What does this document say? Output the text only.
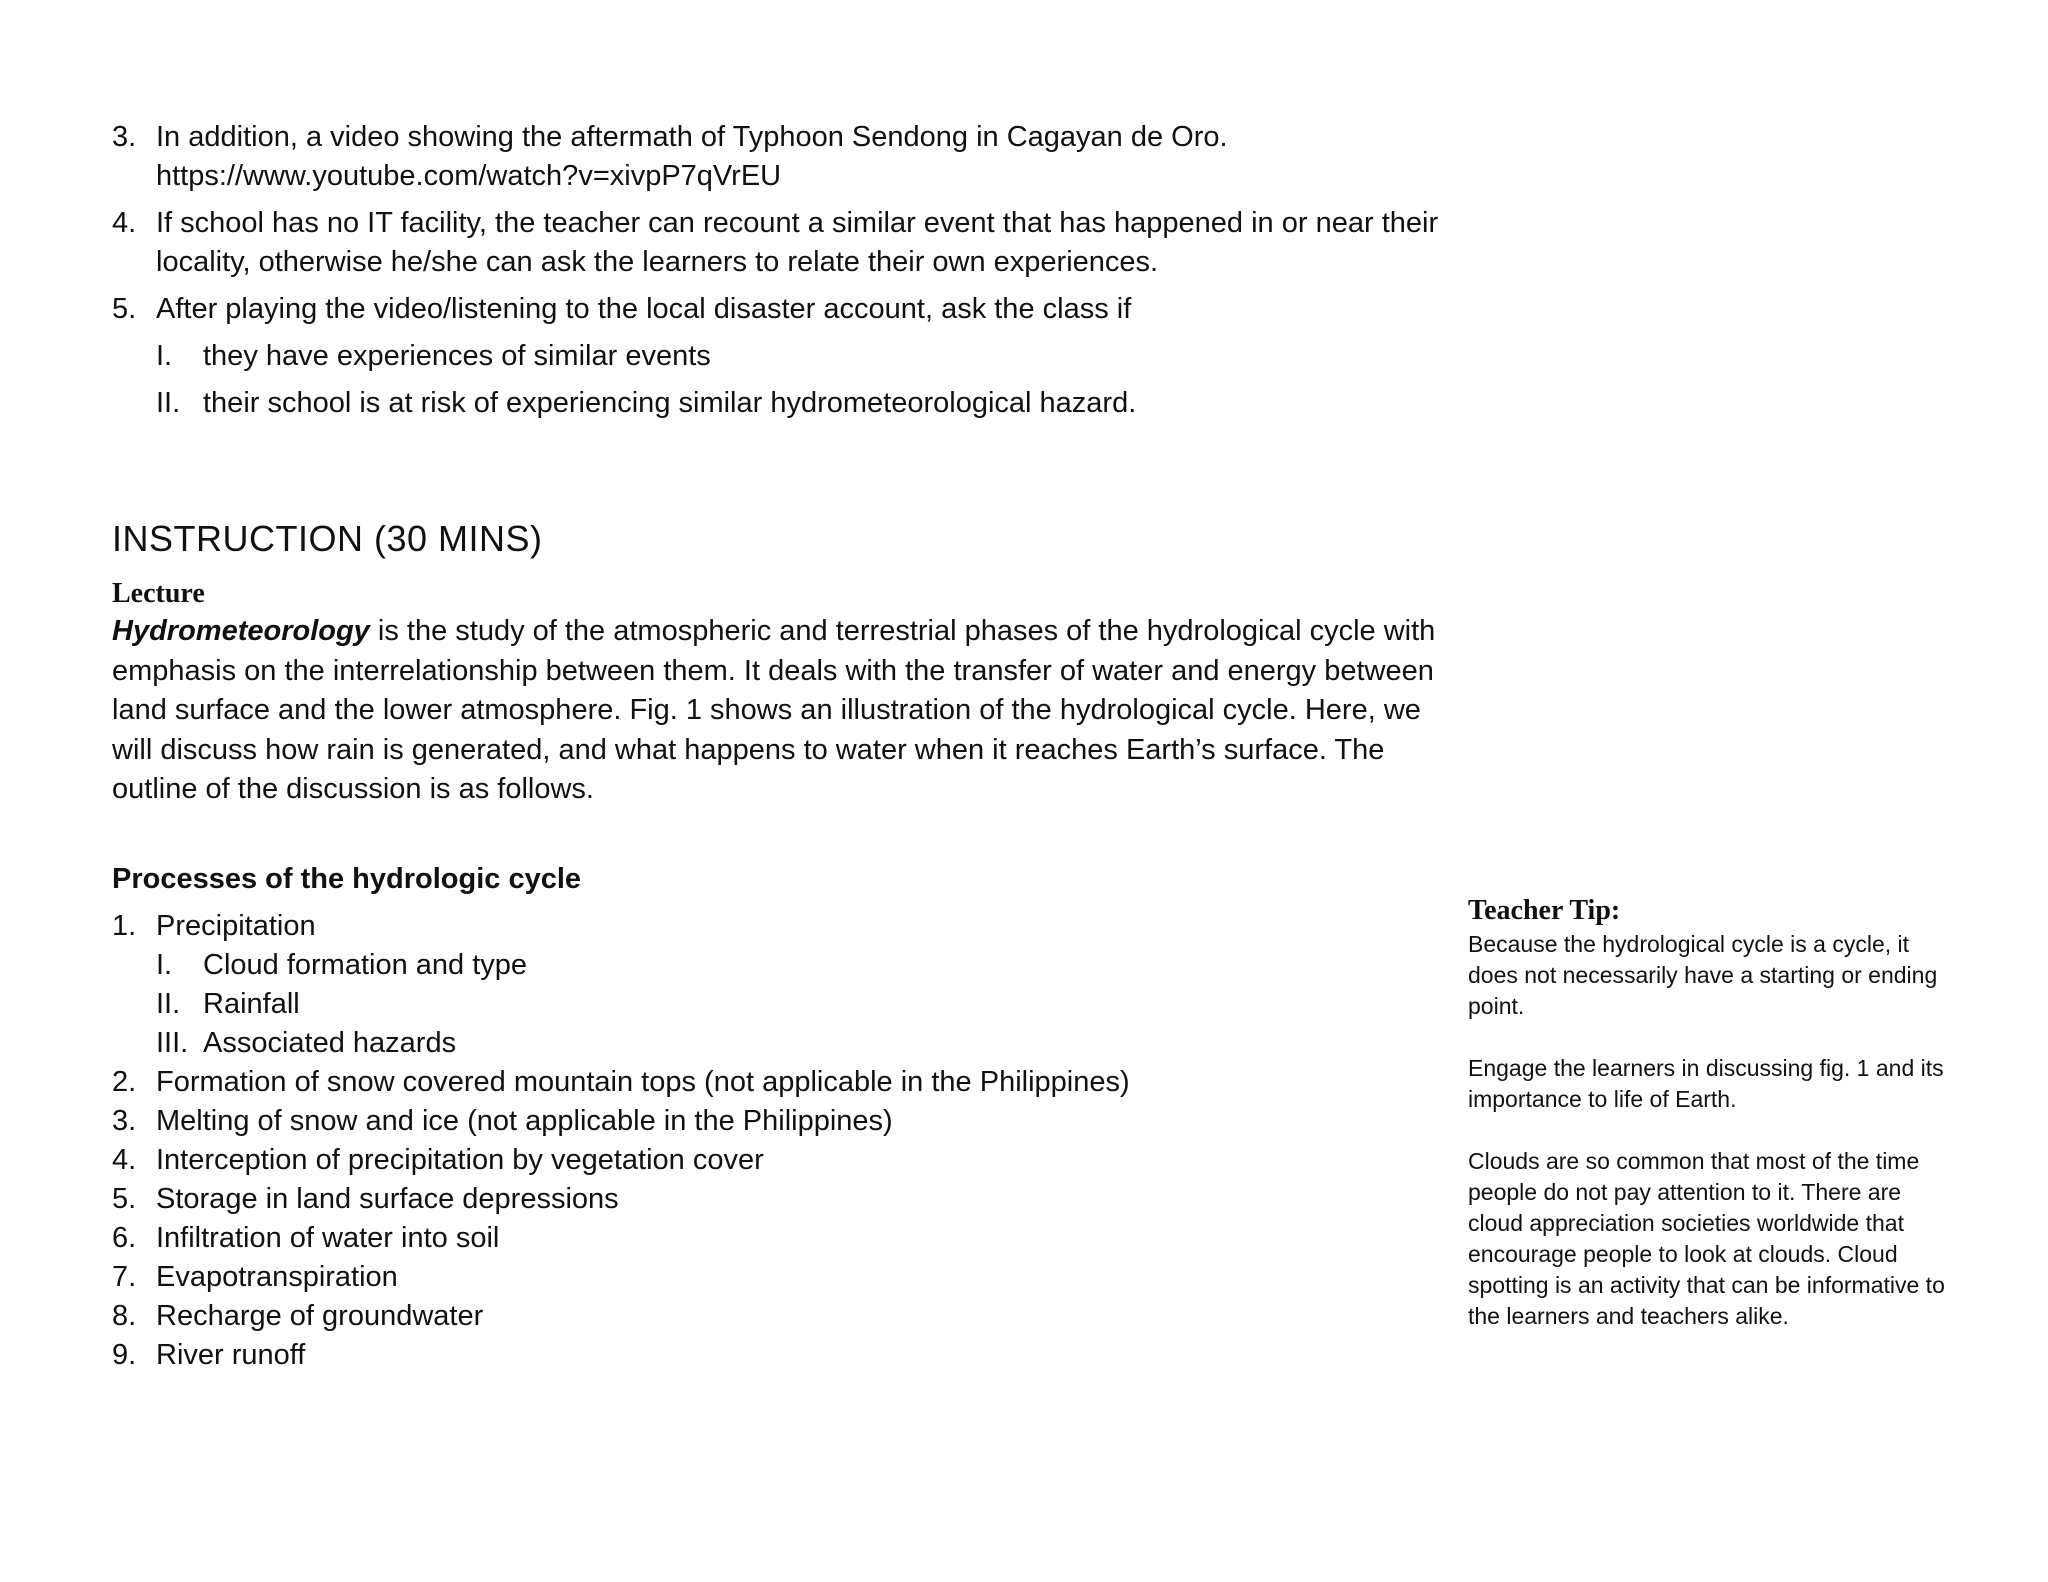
3. In addition, a video showing the aftermath of Typhoon Sendong in Cagayan de Oro. https://www.youtube.com/watch?v=xivpP7qVrEU
4. If school has no IT facility, the teacher can recount a similar event that has happened in or near their locality, otherwise he/she can ask the learners to relate their own experiences.
5. After playing the video/listening to the local disaster account, ask the class if
I.	they have experiences of similar events
II. their school is at risk of experiencing similar hydrometeorological hazard.
INSTRUCTION (30 MINS)
Lecture

Hydrometeorology is the study of the atmospheric and terrestrial phases of the hydrological cycle with emphasis on the interrelationship between them. It deals with the transfer of water and energy between land surface and the lower atmosphere. Fig. 1 shows an illustration of the hydrological cycle. Here, we will discuss how rain is generated, and what happens to water when it reaches Earth’s surface. The outline of the discussion is as follows.

Processes of the hydrologic cycle
1. Precipitation
I.	Cloud formation and type
II. Rainfall
III. Associated hazards
2. Formation of snow covered mountain tops (not applicable in the Philippines)
3. Melting of snow and ice (not applicable in the Philippines)
4. Interception of precipitation by vegetation cover
5. Storage in land surface depressions
6. Infiltration of water into soil
7. Evapotranspiration
8. Recharge of groundwater
9. River runoff
Teacher Tip:

Because the hydrological cycle is a cycle, it does not necessarily have a starting or ending point.

Engage the learners in discussing fig. 1 and its importance to life of Earth.

Clouds are so common that most of the time people do not pay attention to it. There are cloud appreciation societies worldwide that encourage people to look at clouds. Cloud spotting is an activity that can be informative to the learners and teachers alike.
